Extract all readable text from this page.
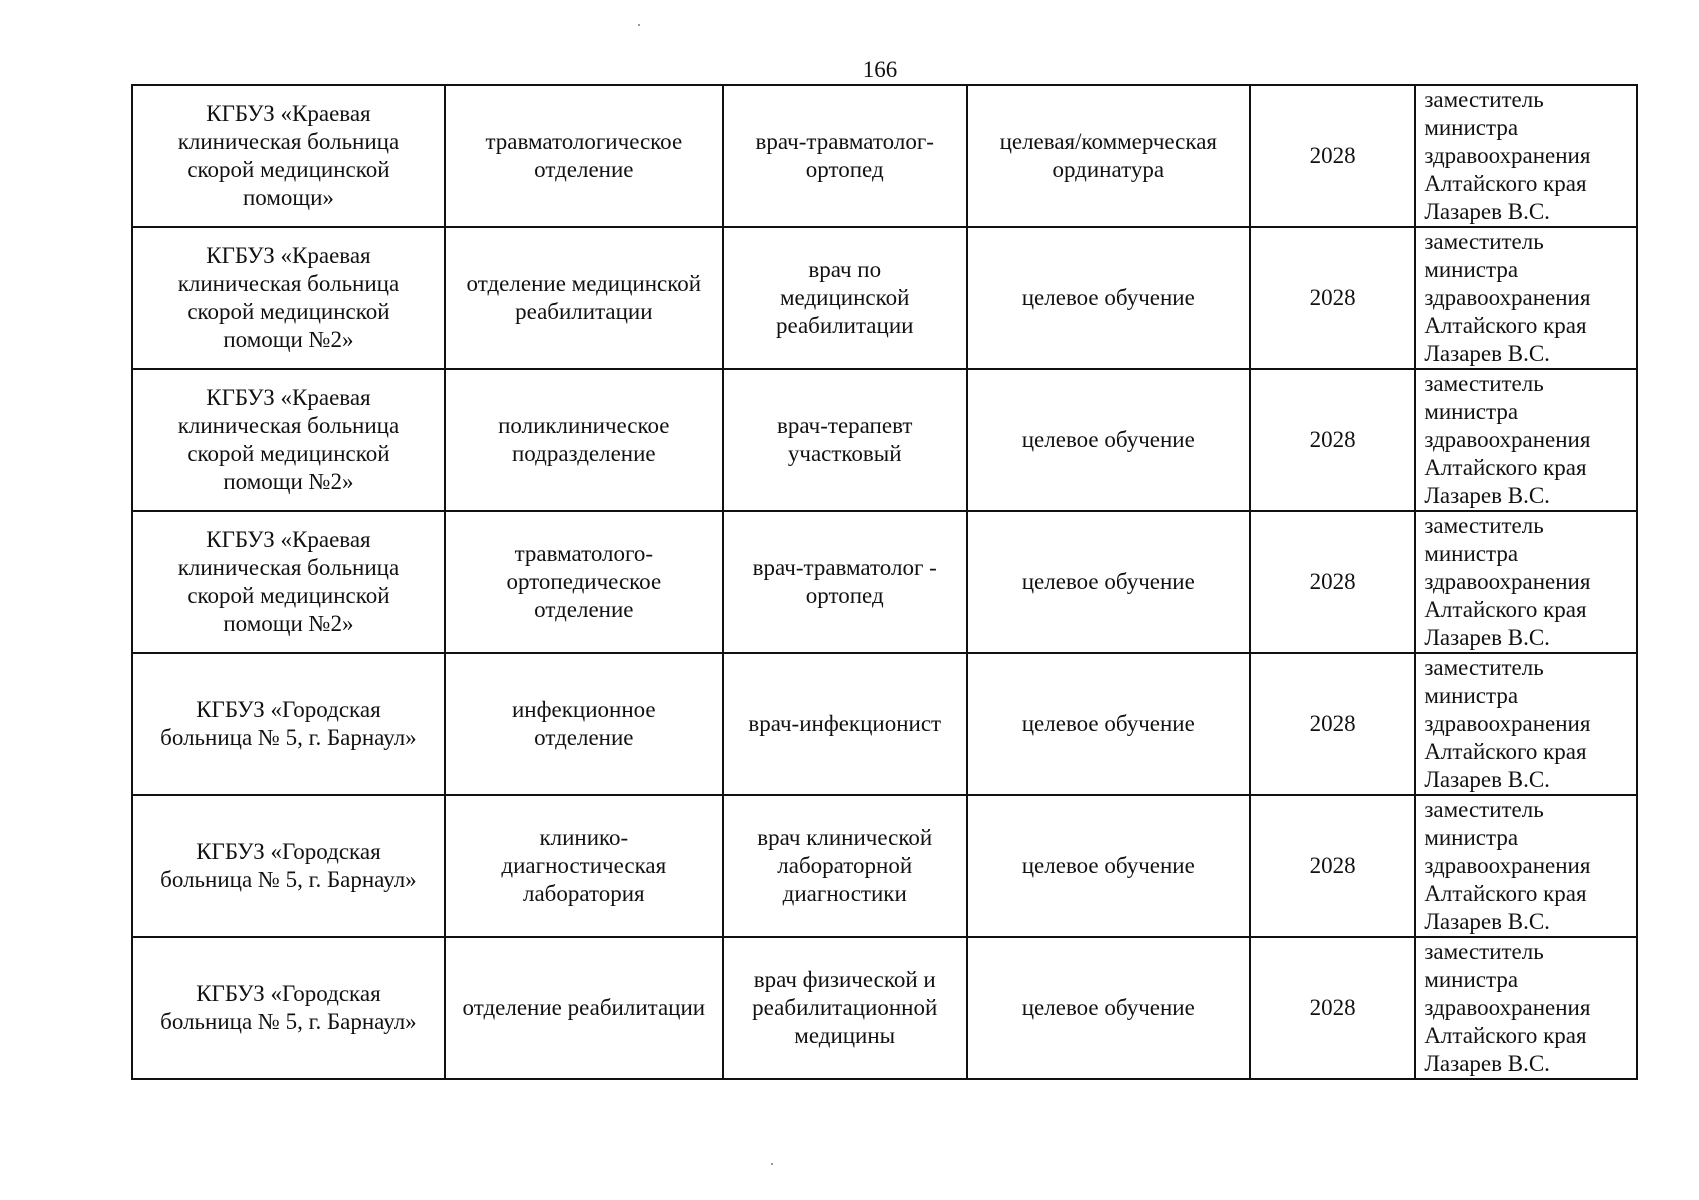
166
КГБУЗ «Краевая
клиническая больница
скорой медицинской
помощи»	травматологическое
отделение	врач-травматолог-
ортопед	целевая/коммерческая
ординатура	2028	заместитель
министра
здравоохранения
Алтайского края
Лазарев В.С.
КГБУЗ «Краевая
клиническая больница
скорой медицинской
помощи №2»	отделение медицинской
реабилитации	врач по
медицинской
реабилитации	целевое обучение	2028	заместитель
министра
здравоохранения
Алтайского края
Лазарев В.С.
КГБУЗ «Краевая
клиническая больница
скорой медицинской
помощи №2»	поликлиническое
подразделение	врач-терапевт
участковый	целевое обучение	2028	заместитель
министра
здравоохранения
Алтайского края
Лазарев В.С.
КГБУЗ «Краевая
клиническая больница
скорой медицинской
помощи №2»	травматолого-
ортопедическое
отделение	врач-травматолог -
ортопед	целевое обучение	2028	заместитель
министра
здравоохранения
Алтайского края
Лазарев В.С.
КГБУЗ «Городская
больница № 5, г. Барнаул»	инфекционное
отделение	врач-инфекционист	целевое обучение	2028	заместитель
министра
здравоохранения
Алтайского края
Лазарев В.С.
КГБУЗ «Городская
больница № 5, г. Барнаул»	клинико-
диагностическая
лаборатория	врач клинической
лабораторной
диагностики	целевое обучение	2028	заместитель
министра
здравоохранения
Алтайского края
Лазарев В.С.
КГБУЗ «Городская
больница № 5, г. Барнаул»	отделение реабилитации	врач физической и
реабилитационной
медицины	целевое обучение	2028	заместитель
министра
здравоохранения
Алтайского края
Лазарев В.С.
